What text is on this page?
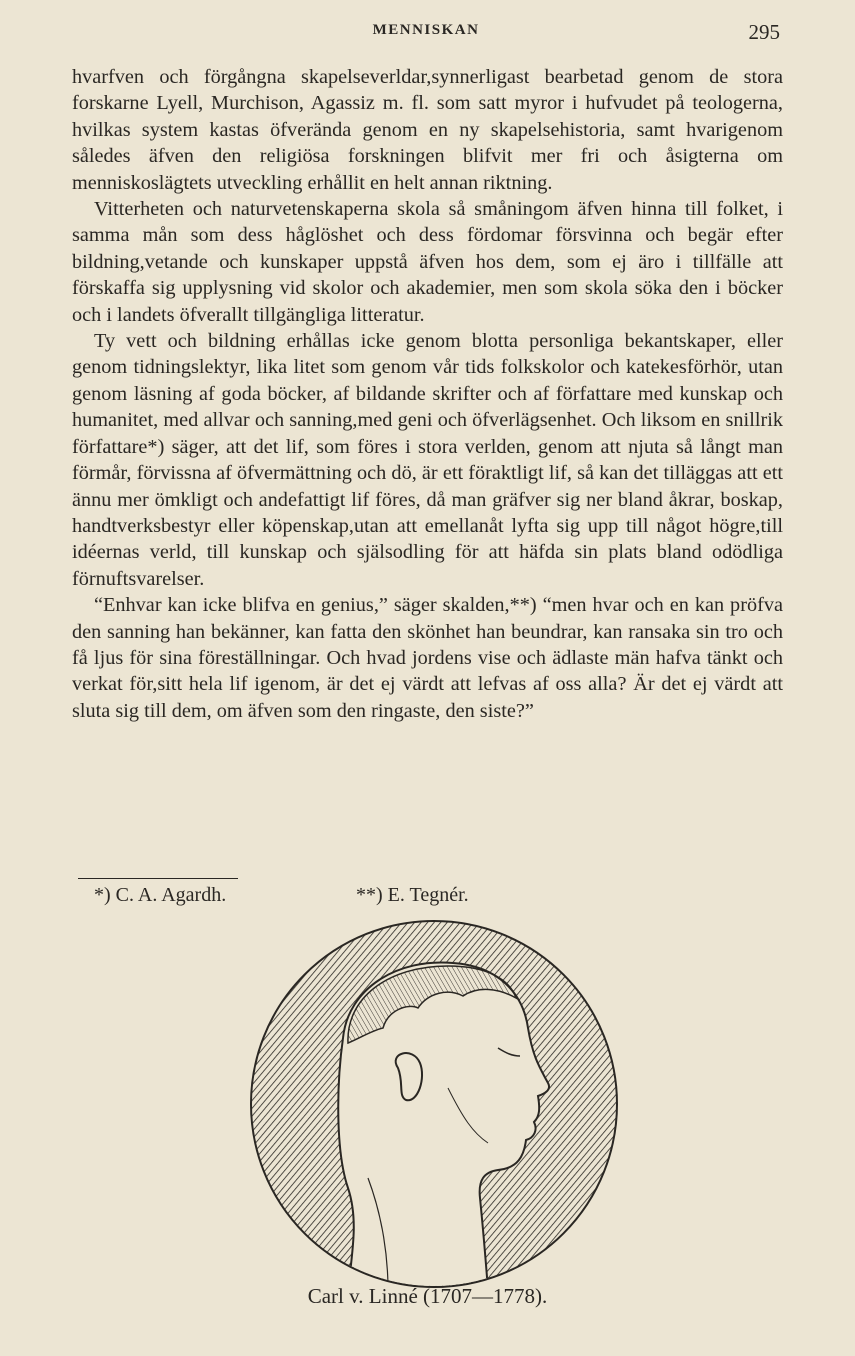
MENNISKAN	295

hvarfven och förgångna skapelseverldar,synnerligast bearbetad genom de stora forskarne Lyell, Murchison, Agassiz m. fl. som satt myror i hufvudet på teologerna, hvilkas system kastas öfverända genom en ny skapelsehistoria, samt hvarigenom således äfven den religiösa forskningen blifvit mer fri och åsigterna om menniskoslägtets utveckling erhållit en helt annan riktning.

Vitterheten och naturvetenskaperna skola så småningom äfven hinna till folket, i samma mån som dess håglöshet och dess fördomar försvinna och begär efter bildning,vetande och kunskaper uppstå äfven hos dem, som ej äro i tillfälle att förskaffa sig upplysning vid skolor och akademier, men som skola söka den i böcker och i landets öfverallt tillgängliga litteratur.

Ty vett och bildning erhållas icke genom blotta personliga bekantskaper, eller genom tidningslektyr, lika litet som genom vår tids folkskolor och katekesförhör, utan genom läsning af goda böcker, af bildande skrifter och af författare med kunskap och humanitet, med allvar och sanning,med geni och öfverlägsenhet. Och liksom en snillrik författare*) säger, att det lif, som föres i stora verlden, genom att njuta så långt man förmår, förvissna af öfvermättning och dö, är ett föraktligt lif, så kan det tilläggas att ett ännu mer ömkligt och andefattigt lif föres, då man gräfver sig ner bland åkrar, boskap, handtverksbestyr eller köpenskap,utan att emellanåt lyfta sig upp till något högre,till idéernas verld, till kunskap och själsodling för att häfda sin plats bland odödliga förnuftsvarelser.

“Enhvar kan icke blifva en genius,” säger skalden,**) “men hvar och en kan pröfva den sanning han bekänner, kan fatta den skönhet han beundrar, kan ransaka sin tro och få ljus för sina föreställningar. Och hvad jordens vise och ädlaste män hafva tänkt och verkat för,sitt hela lif igenom, är det ej värdt att lefvas af oss alla? Är det ej värdt att sluta sig till dem, om äfven som den ringaste, den siste?”

*) C. A. Agardh.	**) E. Tegnér.
Carl v. Linné (1707—1778).
